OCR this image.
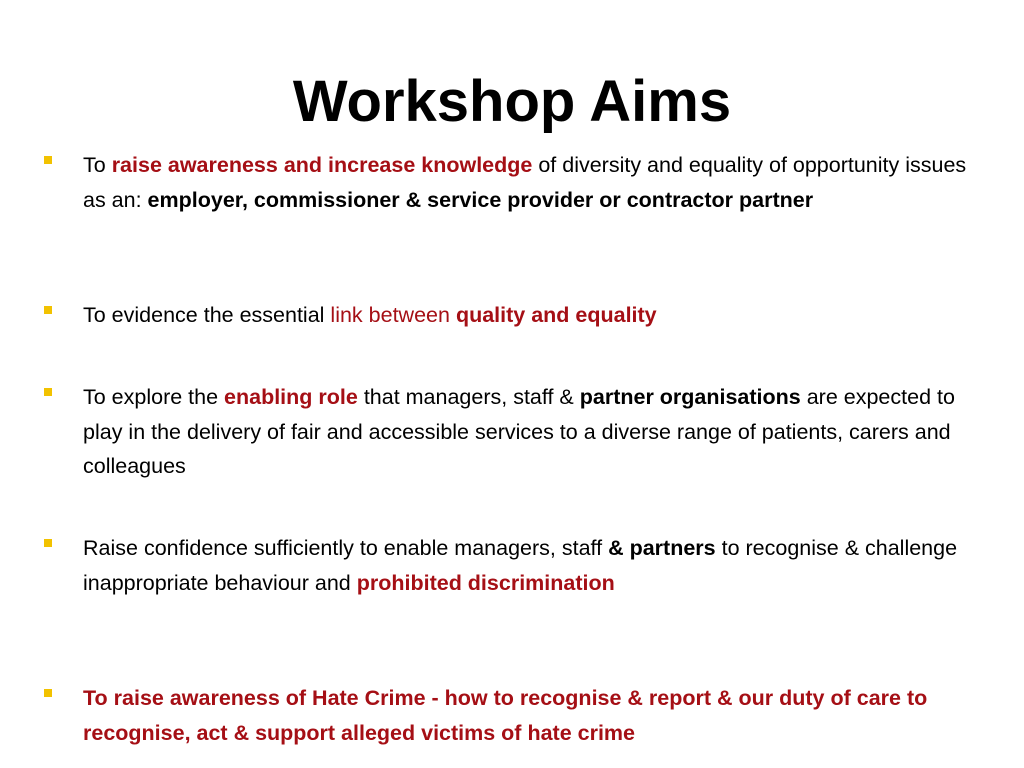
Workshop Aims
To raise awareness and increase knowledge of diversity and equality of opportunity issues as an: employer, commissioner & service provider or contractor partner
To evidence the essential link between quality and equality
To explore the enabling role that managers, staff & partner organisations are expected to play in the delivery of fair and accessible services to a diverse range of patients, carers and colleagues
Raise confidence sufficiently to enable managers, staff & partners to recognise & challenge inappropriate behaviour and prohibited discrimination
To raise awareness of Hate Crime - how to recognise & report & our duty of care to recognise, act & support alleged victims of hate crime
